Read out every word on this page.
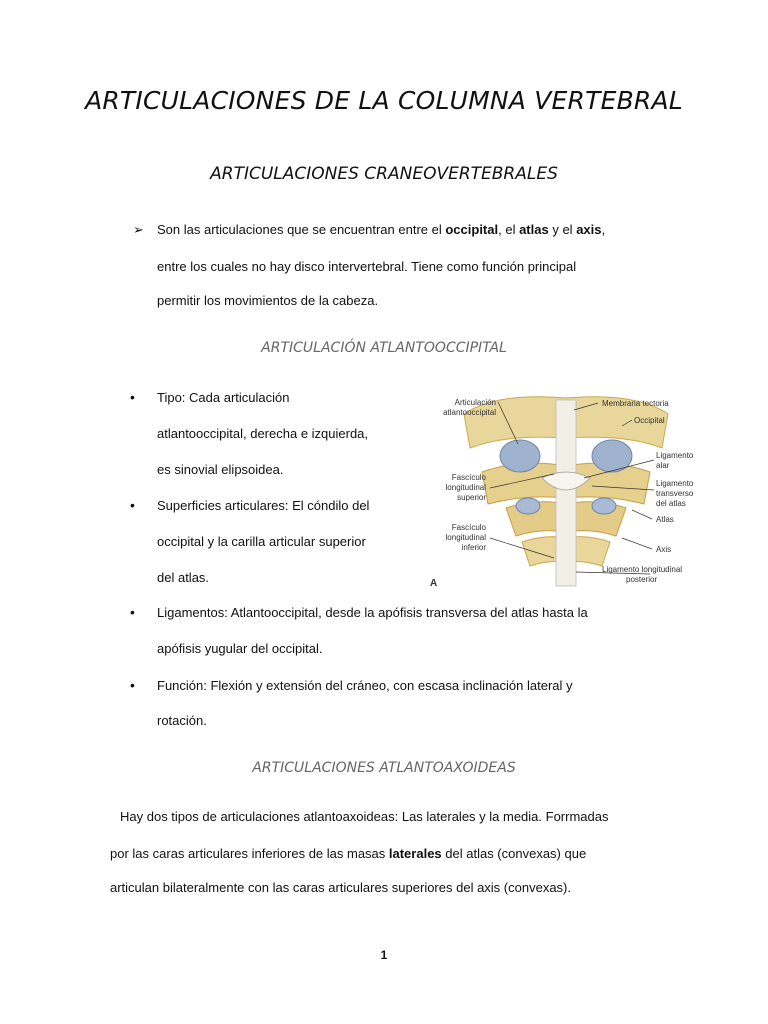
ARTICULACIONES DE LA COLUMNA VERTEBRAL
ARTICULACIONES CRANEOVERTEBRALES
➢ Son las articulaciones que se encuentran entre el occipital, el atlas y el axis,
entre los cuales no hay disco intervertebral. Tiene como función principal
permitir los movimientos de la cabeza.
ARTICULACIÓN ATLANTOOCCIPITAL
• Tipo: Cada articulación
atlantooccipital, derecha e izquierda,
es sinovial elipsoidea.
• Superficies articulares: El cóndilo del
occipital y la carilla articular superior
del atlas.
• Ligamentos: Atlantooccipital, desde la apófisis transversa del atlas hasta la
apófisis yugular del occipital.
• Función: Flexión y extensión del cráneo, con escasa inclinación lateral y
rotación.
Articulación
atlantooccipital
Fascículo
longitudinal
superior
Fascículo
longitudinal
inferior
Membrana tectoria
Occipital
Ligamento
alar
Ligamento
transverso
del atlas
Atlas
Axis
Ligamento longitudinal
posterior
A
ARTICULACIONES ATLANTOAXOIDEAS
Hay dos tipos de articulaciones atlantoaxoideas: Las laterales y la media. Forrmadas
por las caras articulares inferiores de las masas laterales del atlas (convexas) que
articulan bilateralmente con las caras articulares superiores del axis (convexas).
1
